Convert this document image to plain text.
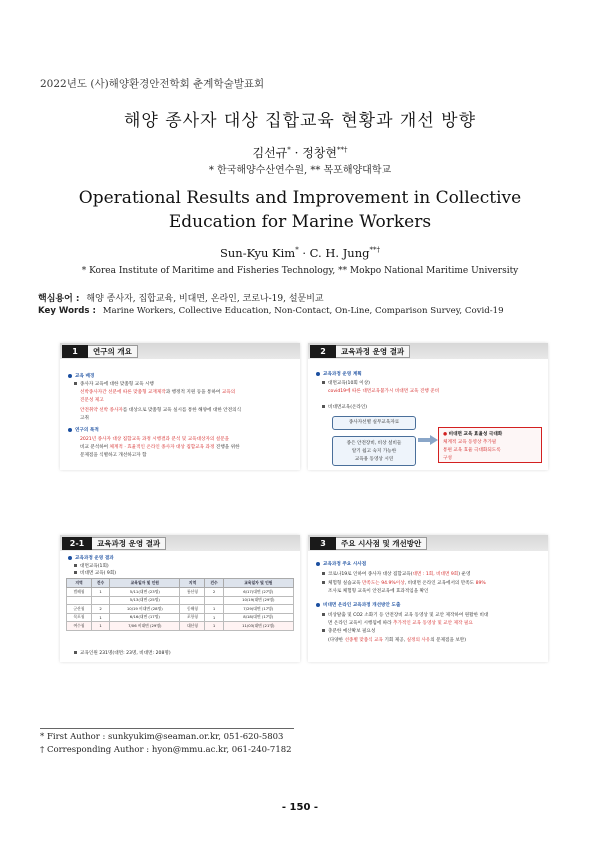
2022년도 (사)해양환경안전학회 춘계학술발표회
해양 종사자 대상 집합교육 현황과 개선 방향
김선규* · 정창현**†
* 한국해양수산연수원, ** 목포해양대학교
Operational Results and Improvement in Collective Education for Marine Workers
Sun-Kyu Kim* · C. H. Jung**†
* Korea Institute of Maritime and Fisheries Technology, ** Mokpo National Maritime University
핵심용어 : 해양 종사자, 집합교육, 비대면, 온라인, 코로나-19, 설문비교
Key Words : Marine Workers, Collective Education, Non-Contact, On-Line, Comparison Survey, Covid-19
1	연구의 개요
교육 배경
종사자 교육에 대한 맞춤형 교육 시행
선박종사자간 선분에 따른 맞춤형 교재제작과 행정적 지원 등을 통하여 교육의
진문성 제고
안전취약 선박 종사자를 대상으로 맞춤형 교육 실시를 통한 해양에 대한 안전의식
고취
연구의 목적
2021년 종사자 대상 집합교육 과정 시행결과 분석 및 교육대상자의 설문을
비교 분석하여 체계적 · 효율적인 온라인 종사자 대상 집합교육 과정 진행을 위한
문제점을 식별하고 개선하고자 함
2	교육과정 운영 결과
교육과정 운영 계획
대면교육(10회 이상)
covid19에 따른 대면교육불가시 비대면 교육 진행 준비
비대면교육(온라인)
종사자선별 실무교육자료
종은 안전장비, 비상 설비들
알기 쉽고 숙지 가능한
교육용 동영상 시연
● 비대면 교육 효율성 극대화
체계적 교육 동영상 추가필
통편 교육 효율 극대화되도록
구성
2-1	교육과정 운영 결과
교육과정 운영 결과
대면교육(1회)
비대면 교육( 9회)
지역	건수	교육일자 및 인원	지역	건수	교육일자 및 인원
범해청	1	5/11(대면 (23명)	통산청	2	6/17(대면 (27명)
		5/13(대면 (25명)			10/19(대면 (29명)
군산청	2	10/19 비대면 (28명)	동해청	1	7/29(대면 (17명)
목포청	1	6/16(대면 (17명)	포항청	1	8/18(대면 (17명)
여수청	1	7/06 비대면 (29명)	대산청	1	11/03(대면 (21명)
교육인원 231명(대면: 23명, 비대면: 208명)
3	주요 시사점 및 개선방안
교육과정 주요 시사점
코로나19로 인하여 종사자 대상 집합교육(대면 : 1회, 비대면 9회) 운영
체험형 실습교육 만족도는 94.9%이상, 비대면 온라인 교육에서의 만족도 89%
조사로 체험형 교육이 안전교육에 효과적임을 확인
비대면 온라인 교육과정 개선방안 도출
비상탈출 및 CO2 소화기 등 안전장비 교육 동영상 및 교안 제작하여 원활한 비대
면 온라인 교육이 시행됨에 따라 추가적인 교육 동영상 및 교안 제작 필요
충분한 예산확보 필요성
(다양한 선종별 맞춤식 교육 기회 제공, 실정의 사유의 문제점을 보완)
* First Author : sunkyukim@seaman.or.kr, 051-620-5803
† Corresponding Author : hyon@mmu.ac.kr, 061-240-7182
- 150 -
